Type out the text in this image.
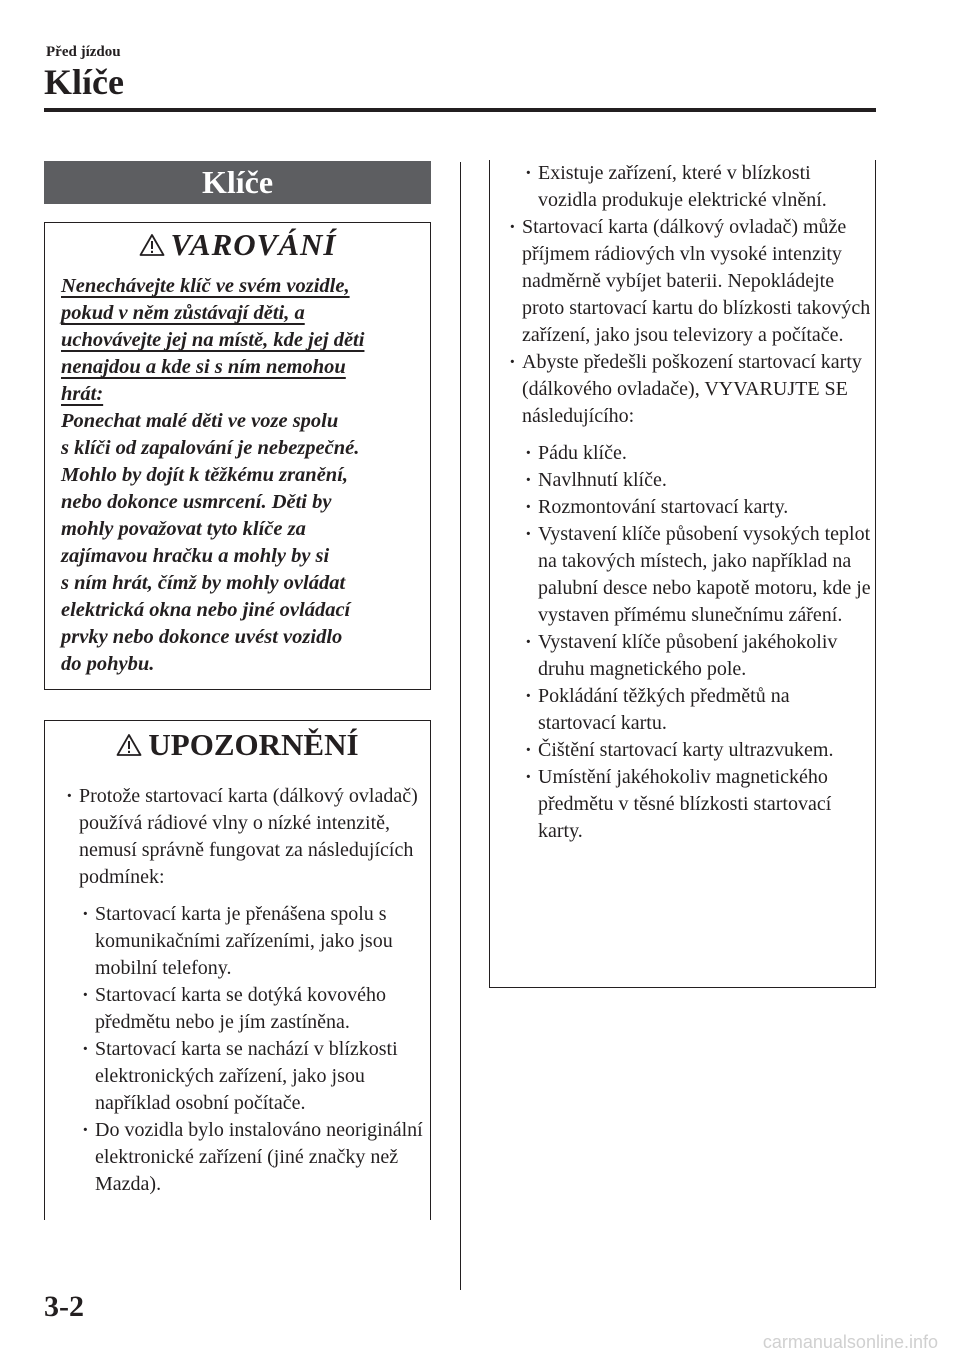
Před jízdou
Klíče
Klíče
VAROVÁNÍ
Nenechávejte klíč ve svém vozidle,
pokud v něm zůstávají děti, a
uchovávejte jej na místě, kde jej děti
nenajdou a kde si s ním nemohou
hrát:
Ponechat malé děti ve voze spolu
s klíči od zapalování je nebezpečné.
Mohlo by dojít k těžkému zranění,
nebo dokonce usmrcení. Děti by
mohly považovat tyto klíče za
zajímavou hračku a mohly by si
s ním hrát, čímž by mohly ovládat
elektrická okna nebo jiné ovládací
prvky nebo dokonce uvést vozidlo
do pohybu.
UPOZORNĚNÍ
· Protože startovací karta (dálkový ovladač) používá rádiové vlny o nízké intenzitě, nemusí správně fungovat za následujících podmínek:
· Startovací karta je přenášena spolu s komunikačními zařízeními, jako jsou mobilní telefony.
· Startovací karta se dotýká kovového předmětu nebo je jím zastíněna.
· Startovací karta se nachází v blízkosti elektronických zařízení, jako jsou například osobní počítače.
· Do vozidla bylo instalováno neoriginální elektronické zařízení (jiné značky než Mazda).
· Existuje zařízení, které v blízkosti vozidla produkuje elektrické vlnění.
· Startovací karta (dálkový ovladač) může příjmem rádiových vln vysoké intenzity nadměrně vybíjet baterii. Nepokládejte proto startovací kartu do blízkosti takových zařízení, jako jsou televizory a počítače.
· Abyste předešli poškození startovací karty (dálkového ovladače), VYVARUJTE SE následujícího:
· Pádu klíče.
· Navlhnutí klíče.
· Rozmontování startovací karty.
· Vystavení klíče působení vysokých teplot na takových místech, jako například na palubní desce nebo kapotě motoru, kde je vystaven přímému slunečnímu záření.
· Vystavení klíče působení jakéhokoliv druhu magnetického pole.
· Pokládání těžkých předmětů na startovací kartu.
· Čištění startovací karty ultrazvukem.
· Umístění jakéhokoliv magnetického předmětu v těsné blízkosti startovací karty.
3-2
carmanualsonline.info
